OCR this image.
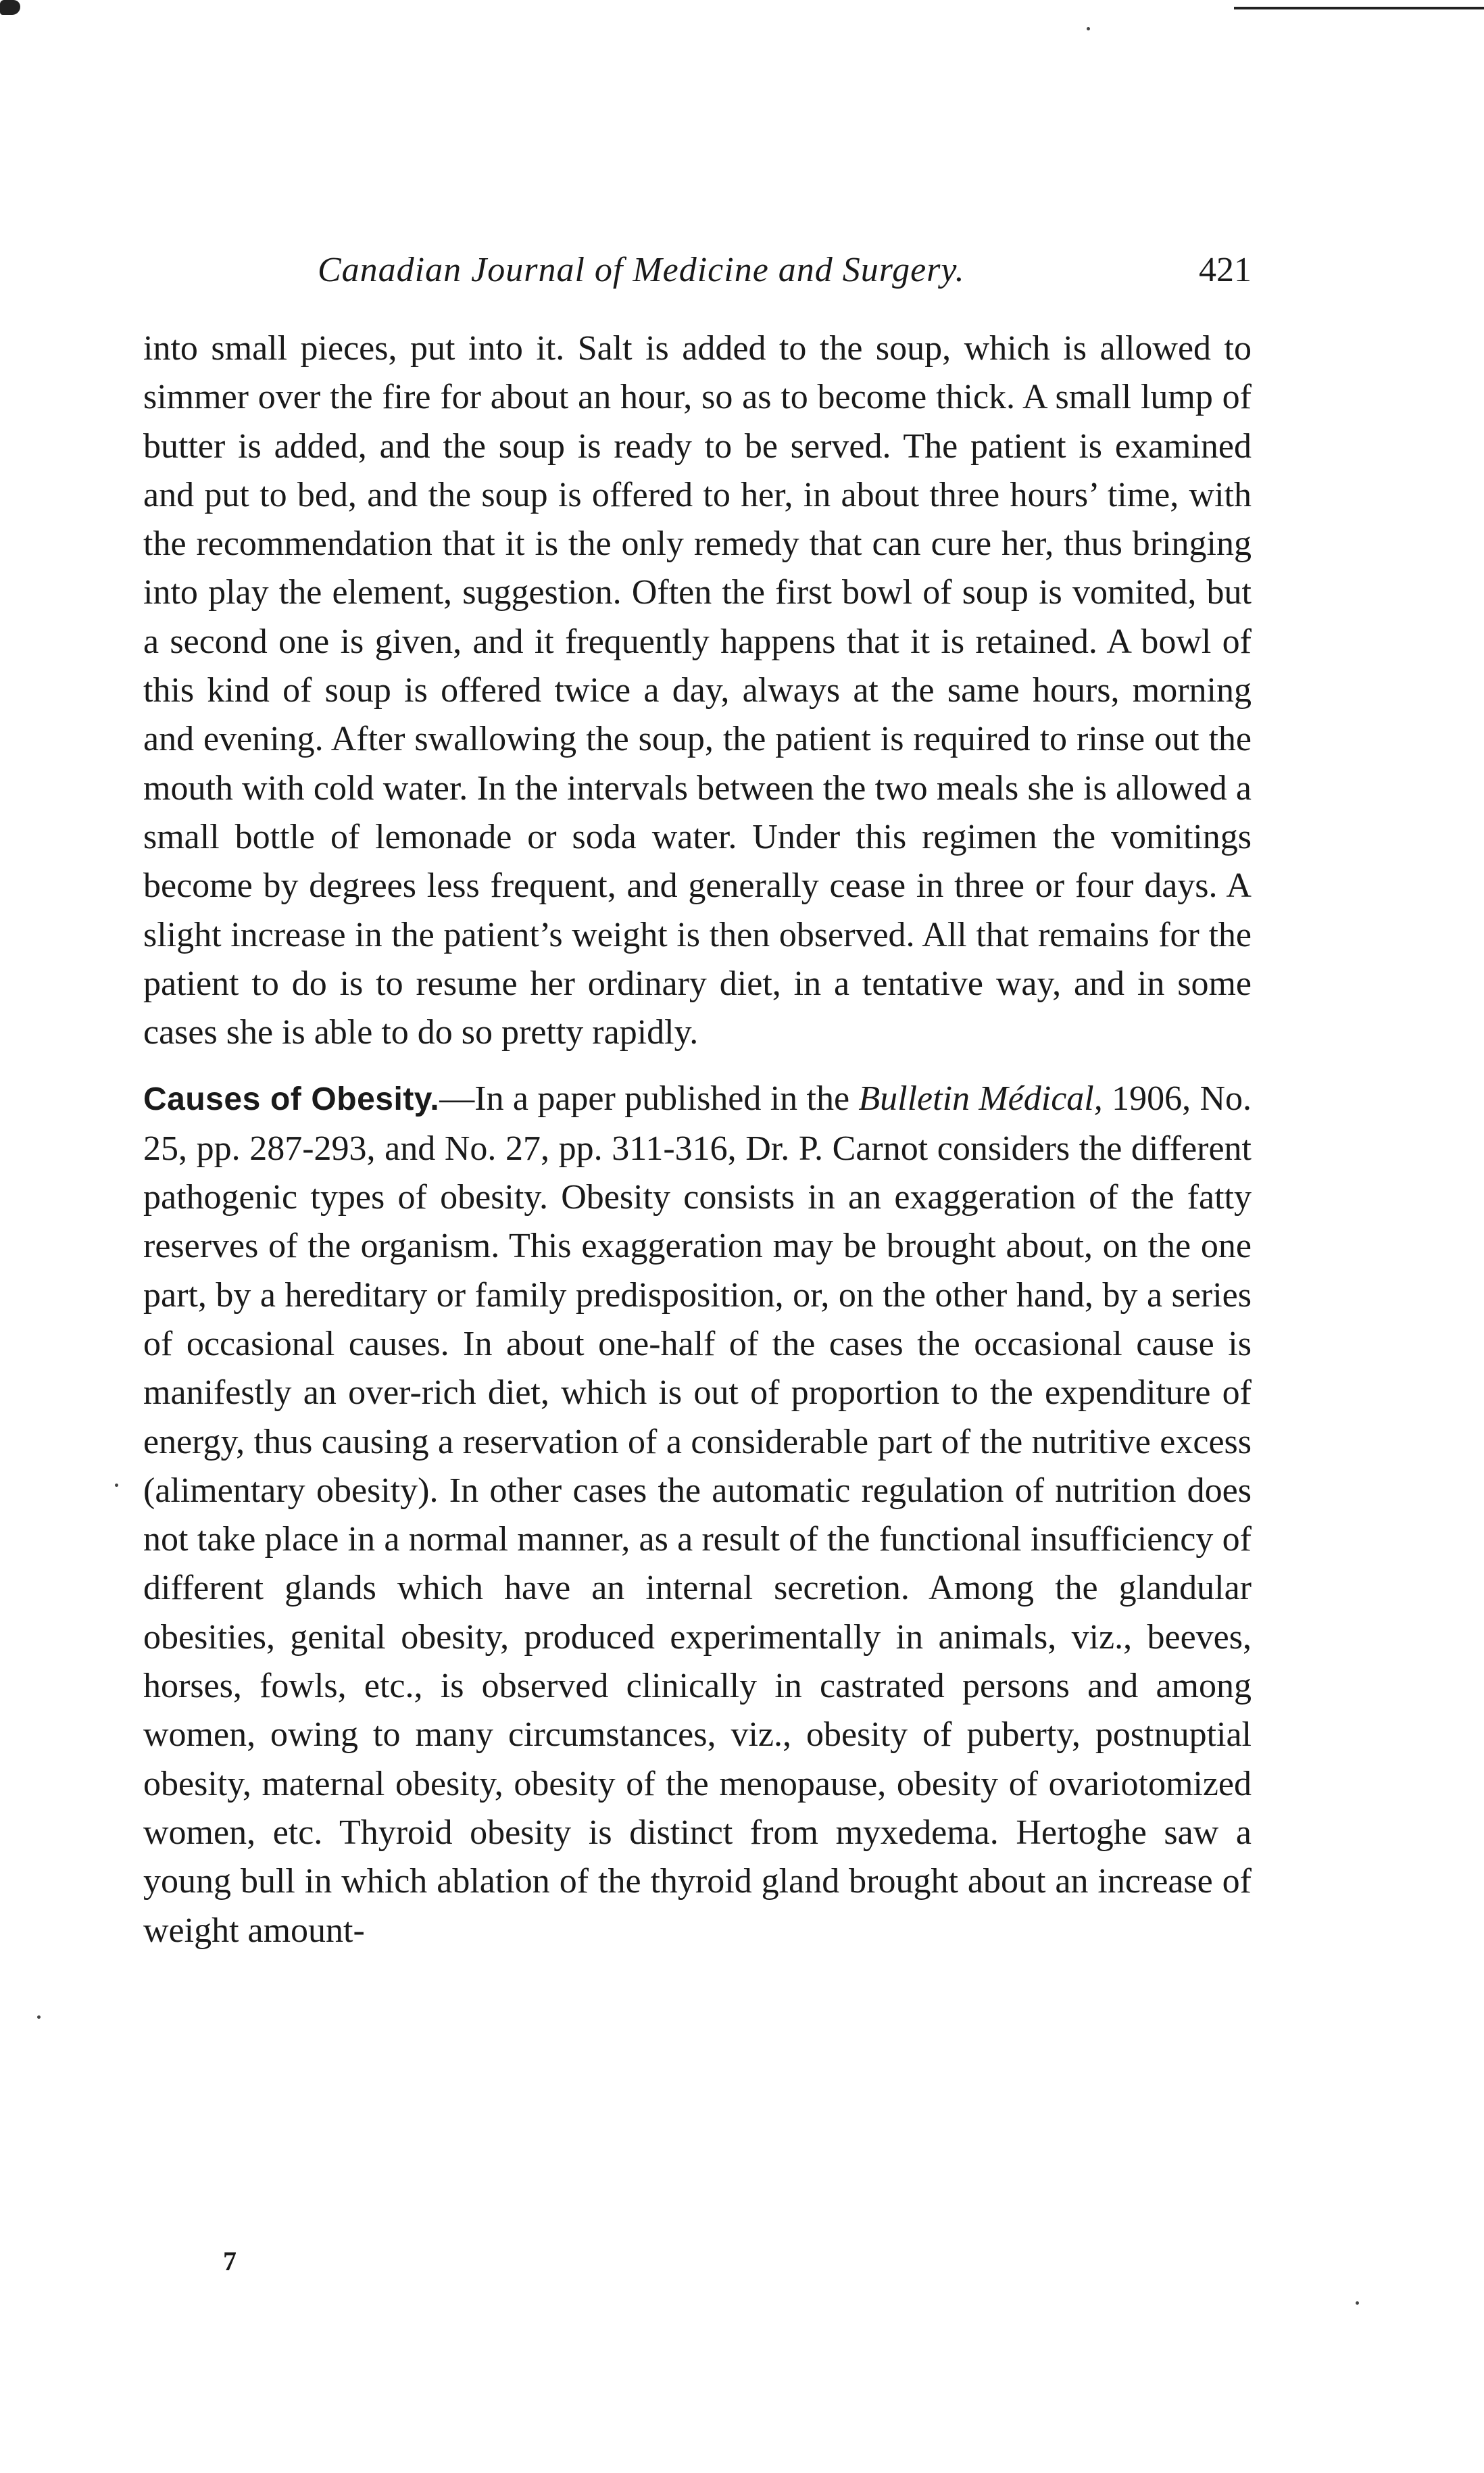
Canadian Journal of Medicine and Surgery.	421

into small pieces, put into it. Salt is added to the soup, which is allowed to simmer over the fire for about an hour, so as to become thick. A small lump of butter is added, and the soup is ready to be served. The patient is examined and put to bed, and the soup is offered to her, in about three hours’ time, with the recommendation that it is the only remedy that can cure her, thus bringing into play the element, suggestion. Often the first bowl of soup is vomited, but a second one is given, and it frequently happens that it is retained. A bowl of this kind of soup is offered twice a day, always at the same hours, morning and evening. After swallowing the soup, the patient is required to rinse out the mouth with cold water. In the intervals between the two meals she is allowed a small bottle of lemonade or soda water. Under this regimen the vomitings become by degrees less frequent, and generally cease in three or four days. A slight increase in the patient’s weight is then observed. All that remains for the patient to do is to resume her ordinary diet, in a tentative way, and in some cases she is able to do so pretty rapidly.

Causes of Obesity.—In a paper published in the Bulletin Médical, 1906, No. 25, pp. 287-293, and No. 27, pp. 311-316, Dr. P. Carnot considers the different pathogenic types of obesity. Obesity consists in an exaggeration of the fatty reserves of the organism. This exaggeration may be brought about, on the one part, by a hereditary or family predisposition, or, on the other hand, by a series of occasional causes. In about one-half of the cases the occasional cause is manifestly an over-rich diet, which is out of proportion to the expenditure of energy, thus causing a reservation of a considerable part of the nutritive excess (alimentary obesity). In other cases the automatic regulation of nutrition does not take place in a normal manner, as a result of the functional insufficiency of different glands which have an internal secretion. Among the glandular obesities, genital obesity, produced experimentally in animals, viz., beeves, horses, fowls, etc., is observed clinically in castrated persons and among women, owing to many circumstances, viz., obesity of puberty, postnuptial obesity, maternal obesity, obesity of the menopause, obesity of ovariotomized women, etc. Thyroid obesity is distinct from myxedema. Hertoghe saw a young bull in which ablation of the thyroid gland brought about an increase of weight amount-

7
